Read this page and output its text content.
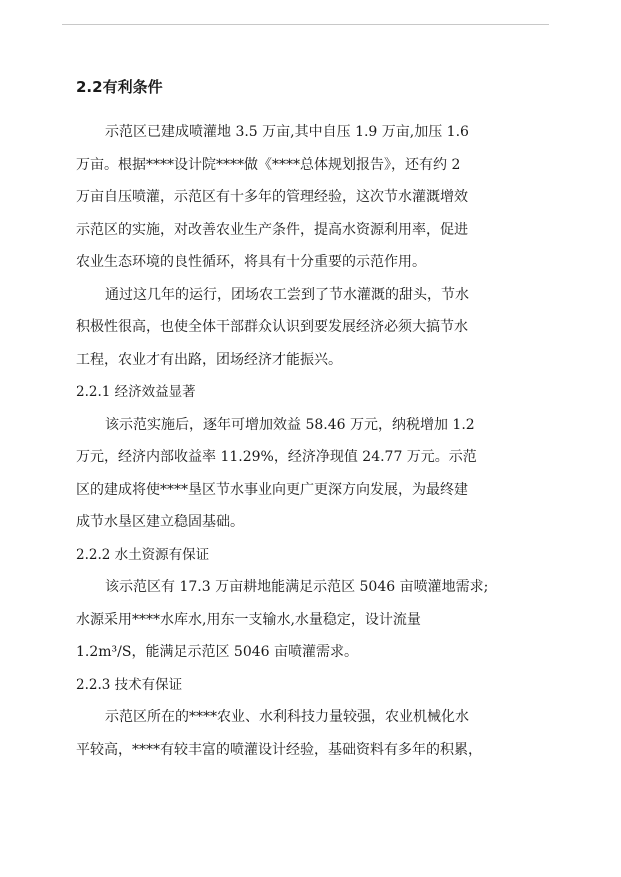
2.2有利条件
示范区已建成喷灌地 3.5 万亩,其中自压 1.9 万亩,加压 1.6
万亩。根据****设计院****做《****总体规划报告》，还有约 2
万亩自压喷灌，示范区有十多年的管理经验，这次节水灌溉增效
示范区的实施，对改善农业生产条件，提高水资源利用率，促进
农业生态环境的良性循环，将具有十分重要的示范作用。
通过这几年的运行，团场农工尝到了节水灌溉的甜头，节水
积极性很高，也使全体干部群众认识到要发展经济必须大搞节水
工程，农业才有出路，团场经济才能振兴。
2.2.1 经济效益显著
该示范实施后，逐年可增加效益 58.46 万元，纳税增加 1.2
万元，经济内部收益率 11.29%，经济净现值 24.77 万元。示范
区的建成将使****垦区节水事业向更广更深方向发展，为最终建
成节水垦区建立稳固基础。
2.2.2 水土资源有保证
该示范区有 17.3 万亩耕地能满足示范区 5046 亩喷灌地需求;
水源采用****水库水,用东一支输水,水量稳定，设计流量
1.2m³/S，能满足示范区 5046 亩喷灌需求。
2.2.3 技术有保证
示范区所在的****农业、水利科技力量较强，农业机械化水
平较高，****有较丰富的喷灌设计经验，基础资料有多年的积累，
